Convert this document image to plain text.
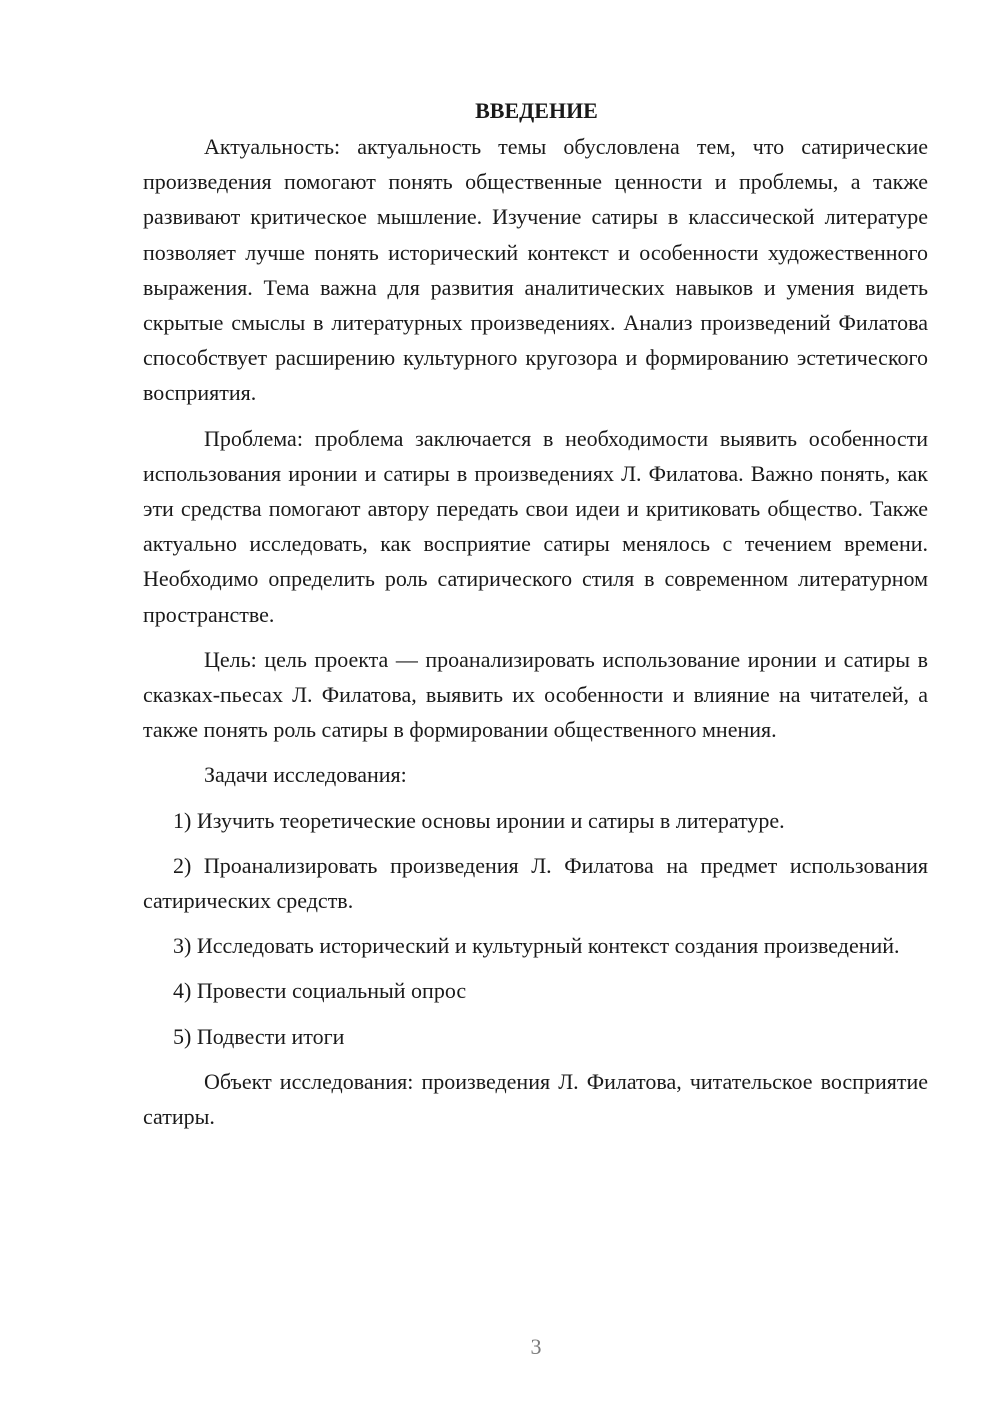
ВВЕДЕНИЕ

Актуальность: актуальность темы обусловлена тем, что сатирические произведения помогают понять общественные ценности и проблемы, а также развивают критическое мышление. Изучение сатиры в классической литературе позволяет лучше понять исторический контекст и особенности художественного выражения. Тема важна для развития аналитических навыков и умения видеть скрытые смыслы в литературных произведениях. Анализ произведений Филатова способствует расширению культурного кругозора и формированию эстетического восприятия.

Проблема: проблема заключается в необходимости выявить особенности использования иронии и сатиры в произведениях Л. Филатова. Важно понять, как эти средства помогают автору передать свои идеи и критиковать общество. Также актуально исследовать, как восприятие сатиры менялось с течением времени. Необходимо определить роль сатирического стиля в современном литературном пространстве.

Цель: цель проекта — проанализировать использование иронии и сатиры в сказках-пьесах Л. Филатова, выявить их особенности и влияние на читателей, а также понять роль сатиры в формировании общественного мнения.

Задачи исследования:

1) Изучить теоретические основы иронии и сатиры в литературе.

2) Проанализировать произведения Л. Филатова на предмет использования сатирических средств.

3) Исследовать исторический и культурный контекст создания произведений.

4) Провести социальный опрос

5) Подвести итоги

Объект исследования: произведения Л. Филатова, читательское восприятие сатиры.

3
